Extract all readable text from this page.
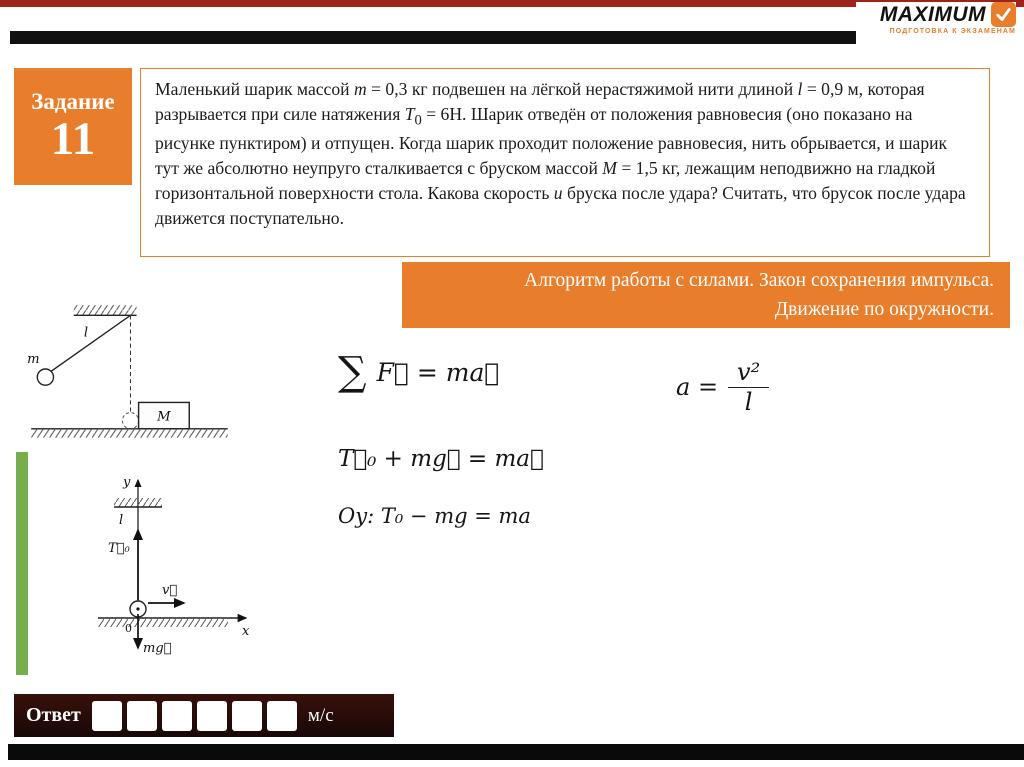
MAXIMUM
ПОДГОТОВКА К ЭКЗАМЕНАМ
Задание
11

Маленький шарик массой m = 0,3 кг подвешен на лёгкой нерастяжимой нити длиной l = 0,9 м, которая разрывается при силе натяжения $T_0 = 6Н$. Шарик отведён от положения равновесия (оно показано на рисунке пунктиром) и отпущен. Когда шарик проходит положение равновесия, нить обрывается, и шарик тут же абсолютно неупруго сталкивается с бруском массой M = 1,5 кг, лежащим неподвижно на гладкой горизонтальной поверхности стола. Какова скорость u бруска после удара? Считать, что брусок после удара движется поступательно.

Алгоритм работы с силами. Закон сохранения импульса.
Движение по окружности.
m
l
M
y
l
T⃗₀
v⃗
x
0
mg⃗
∑ F⃗ = ma⃗
$a = \frac{\text{v²}}{l}$
T⃗₀ + mg⃗ = ma⃗
Oy: T₀ − mg = ma
Ответ	м/с
